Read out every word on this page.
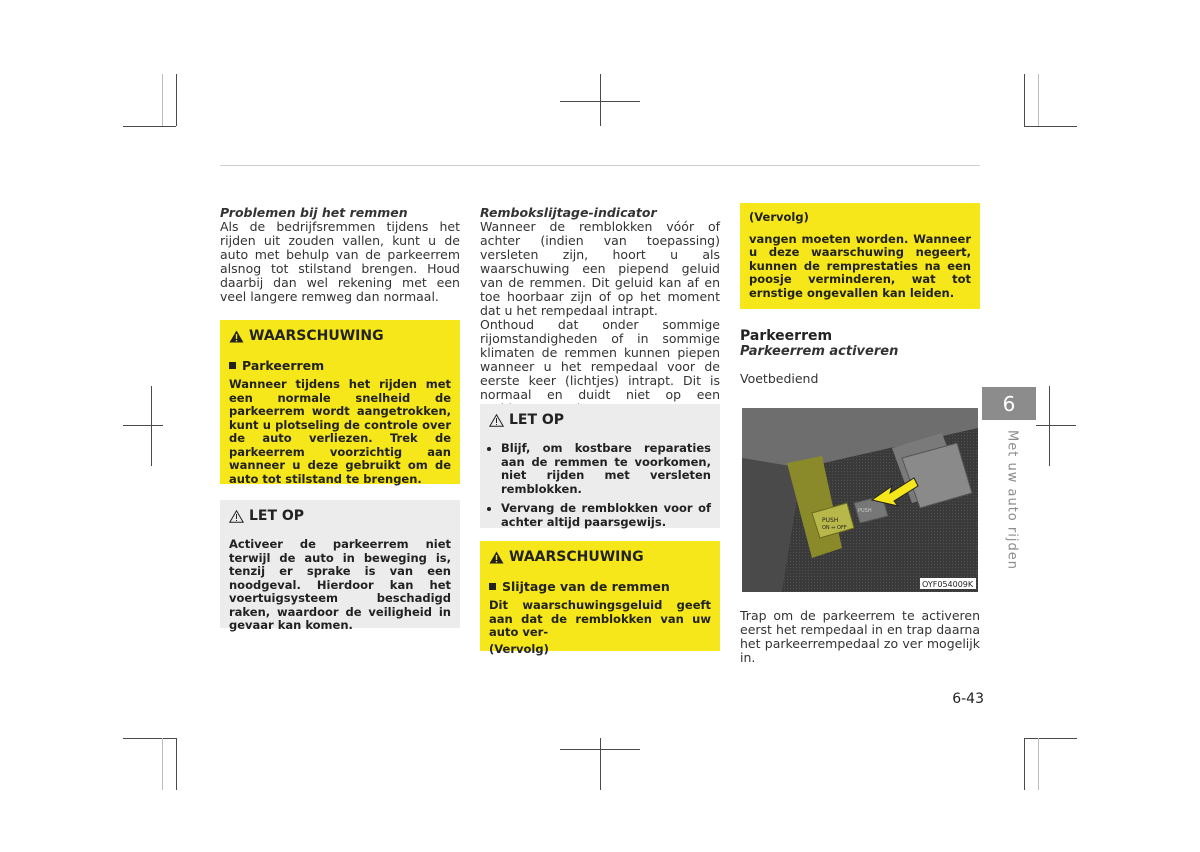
Problemen bij het remmen

Als de bedrijfsremmen tijdens het rijden uit zouden vallen, kunt u de auto met behulp van de parkeerrem alsnog tot stilstand brengen. Houd daarbij dan wel rekening met een veel langere remweg dan normaal.

WAARSCHUWING

Parkeerrem

Wanneer tijdens het rijden met een normale snelheid de parkeerrem wordt aangetrokken, kunt u plotseling de controle over de auto verliezen. Trek de parkeerrem voorzichtig aan wanneer u deze gebruikt om de auto tot stilstand te brengen.

LET OP

Activeer de parkeerrem niet terwijl de auto in beweging is, tenzij er sprake is van een noodgeval. Hierdoor kan het voertuigsysteem beschadigd raken, waardoor de veiligheid in gevaar kan komen.

Rembokslijtage-indicator

Wanneer de remblokken vóór of achter (indien van toepassing) versleten zijn, hoort u als waarschuwing een piepend geluid van de remmen. Dit geluid kan af en toe hoorbaar zijn of op het moment dat u het rempedaal intrapt.

Onthoud dat onder sommige rijomstandigheden of in sommige klimaten de remmen kunnen piepen wanneer u het rempedaal voor de eerste keer (lichtjes) intrapt. Dit is normaal en duidt niet op een

LET OP

• Blijf, om kostbare reparaties aan de remmen te voorkomen, niet rijden met versleten remblokken.
• Vervang de remblokken voor of achter altijd paarsgewijs.

WAARSCHUWING

Slijtage van de remmen

Dit waarschuwingsgeluid geeft aan dat de remblokken van uw auto ver-

(Vervolg)

(Vervolg)

vangen moeten worden. Wanneer u deze waarschuwing negeert, kunnen de remprestaties na een poosje verminderen, wat tot ernstige ongevallen kan leiden.

Parkeerrem
Parkeerrem activeren
Voetbediend
PUSH
ON ⇔ OFF
PUSH
OYF054009K

Trap om de parkeerrem te activeren eerst het rempedaal in en trap daarna het parkeerrempedaal zo ver mogelijk in.

6
Met uw auto rijden
6-43
